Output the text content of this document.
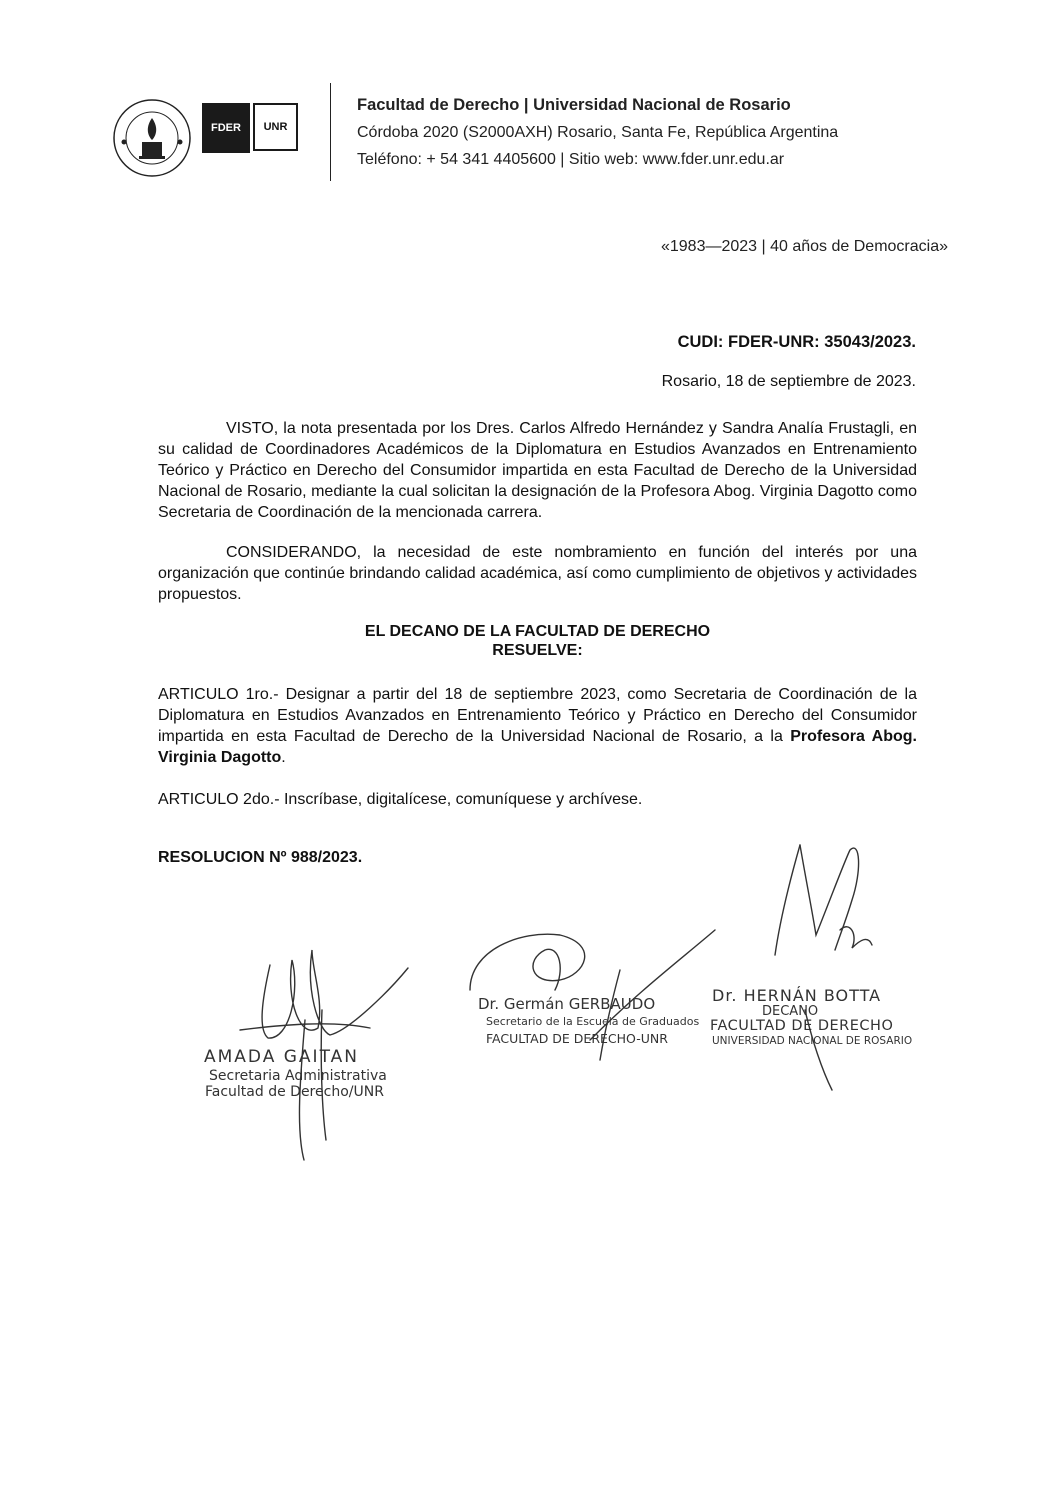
FDER	UNR
Facultad de Derecho | Universidad Nacional de Rosario
Córdoba 2020 (S2000AXH) Rosario, Santa Fe, República Argentina
Teléfono: + 54 341 4405600 | Sitio web: www.fder.unr.edu.ar
«1983—2023 | 40 años de Democracia»
CUDI: FDER-UNR: 35043/2023.
Rosario, 18 de septiembre de 2023.

VISTO, la nota presentada por los Dres. Carlos Alfredo Hernández y Sandra Analía Frustagli, en su calidad de Coordinadores Académicos de la Diplomatura en Estudios Avanzados en Entrenamiento Teórico y Práctico en Derecho del Consumidor impartida en esta Facultad de Derecho de la Universidad Nacional de Rosario, mediante la cual solicitan la designación de la Profesora Abog. Virginia Dagotto como Secretaria de Coordinación de la mencionada carrera.

CONSIDERANDO, la necesidad de este nombramiento en función del interés por una organización que continúe brindando calidad académica, así como cumplimiento de objetivos y actividades propuestos.

EL DECANO DE LA FACULTAD DE DERECHO
RESUELVE:

ARTICULO 1ro.- Designar a partir del 18 de septiembre 2023, como Secretaria de Coordinación de la Diplomatura en Estudios Avanzados en Entrenamiento Teórico y Práctico en Derecho del Consumidor impartida en esta Facultad de Derecho de la Universidad Nacional de Rosario, a la Profesora Abog. Virginia Dagotto.

ARTICULO 2do.- Inscríbase, digitalícese, comuníquese y archívese.

RESOLUCION Nº 988/2023.
AMADA GAITAN
Secretaria Administrativa
Facultad de Derecho/UNR
Dr. Germán GERBAUDO
Secretario de la Escuela de Graduados
FACULTAD DE DERECHO-UNR
Dr. HERNÁN BOTTA
DECANO
FACULTAD DE DERECHO
UNIVERSIDAD NACIONAL DE ROSARIO
